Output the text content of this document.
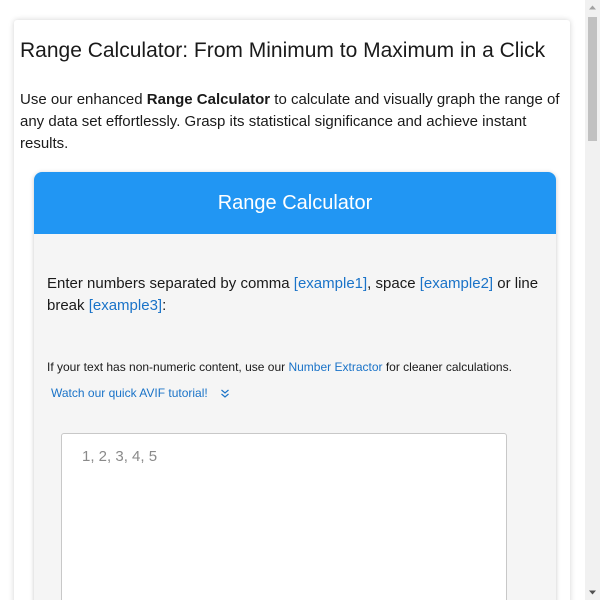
Range Calculator: From Minimum to Maximum in a Click

Use our enhanced Range Calculator to calculate and visually graph the range of any data set effortlessly. Grasp its statistical significance and achieve instant results.

Range Calculator

Enter numbers separated by comma [example1], space [example2] or line break [example3]:

If your text has non-numeric content, use our Number Extractor for cleaner calculations.

Watch our quick AVIF tutorial!
1, 2, 3, 4, 5
